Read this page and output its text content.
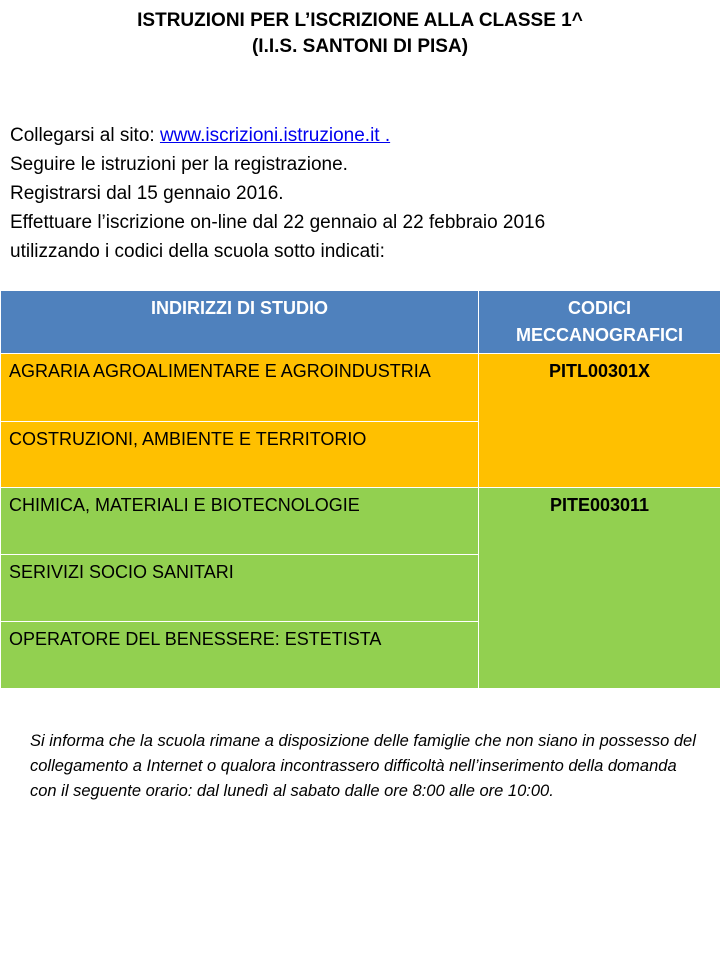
ISTRUZIONI PER L’ISCRIZIONE ALLA CLASSE 1^
(I.I.S. SANTONI DI PISA)
Collegarsi al sito: www.iscrizioni.istruzione.it .
Seguire le istruzioni per la registrazione.
Registrarsi dal 15 gennaio 2016.
Effettuare l’iscrizione on-line dal 22 gennaio al 22 febbraio 2016
utilizzando i codici della scuola sotto indicati:
INDIRIZZI DI STUDIO	CODICI MECCANOGRAFICI
AGRARIA AGROALIMENTARE E AGROINDUSTRIA	PITL00301X
COSTRUZIONI, AMBIENTE E TERRITORIO	
CHIMICA, MATERIALI E BIOTECNOLOGIE	PITE003011
SERIVIZI SOCIO SANITARI	
OPERATORE DEL BENESSERE: ESTETISTA	
Si informa che la scuola rimane a disposizione delle famiglie che non siano in possesso del collegamento a Internet o qualora incontrassero difficoltà nell’inserimento della domanda con il seguente orario: dal lunedì al sabato dalle ore 8:00 alle ore 10:00.
